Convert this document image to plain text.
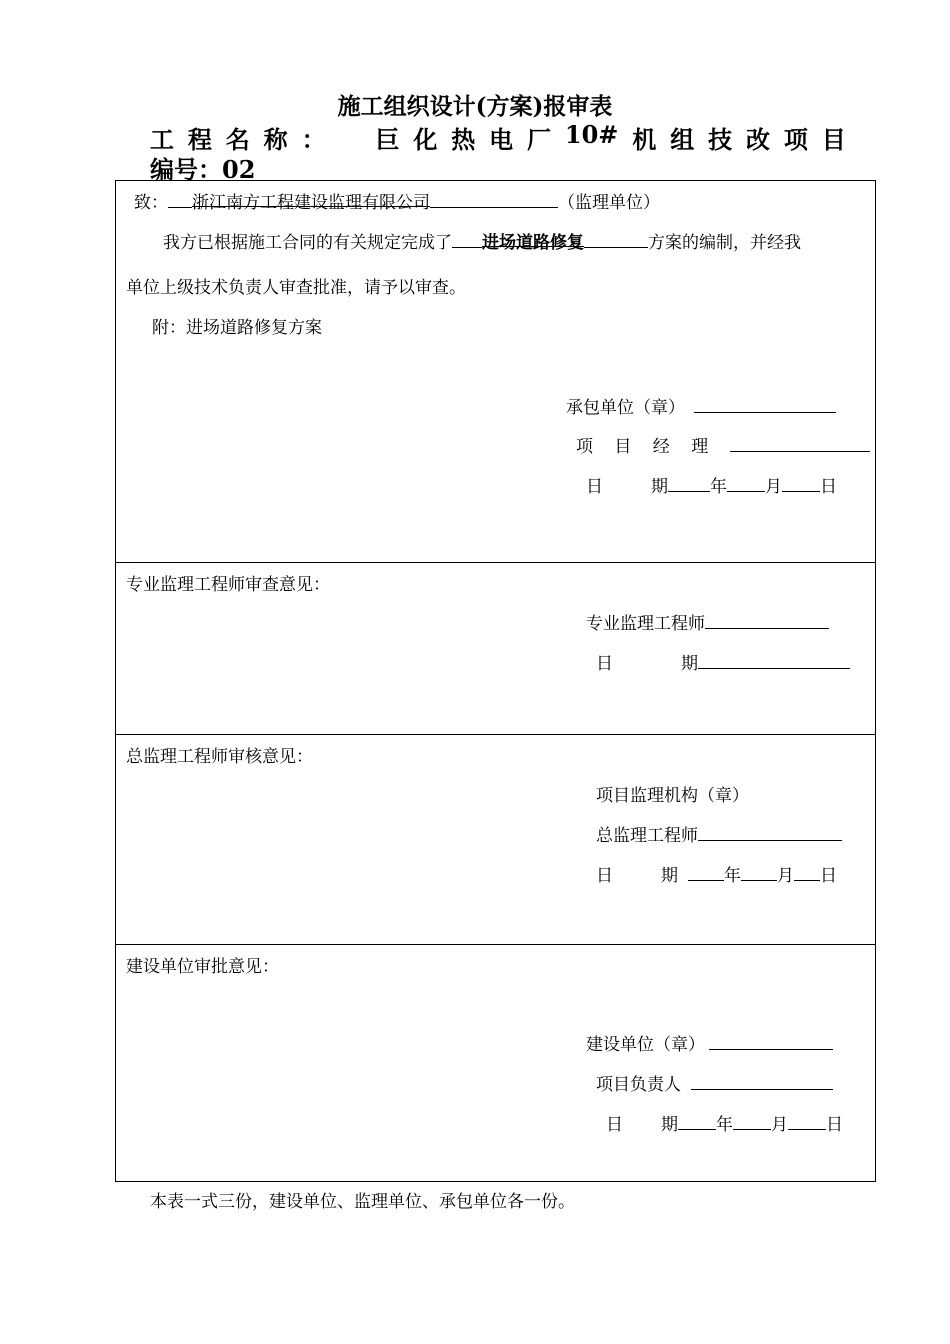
施工组织设计(方案)报审表
工 程 名 称 ： 巨 化 热 电 厂 10# 机 组 技 改 项 目
编号：02
致： 浙江南方工程建设监理有限公司	（监理单位）
我方已根据施工合同的有关规定完成了 进场道路修复	方案的编制，并经我
单位上级技术负责人审查批准，请予以审查。
附：进场道路修复方案
承包单位（章）
项 目 经 理
日	期 年 月 日
专业监理工程师审查意见：
专业监理工程师
日	期
总监理工程师审核意见：
项目监理机构（章）
总监理工程师
日	期	年 月 日
建设单位审批意见：
建设单位（章）
项目负责人
日 期 年 月 日
本表一式三份，建设单位、监理单位、承包单位各一份。
